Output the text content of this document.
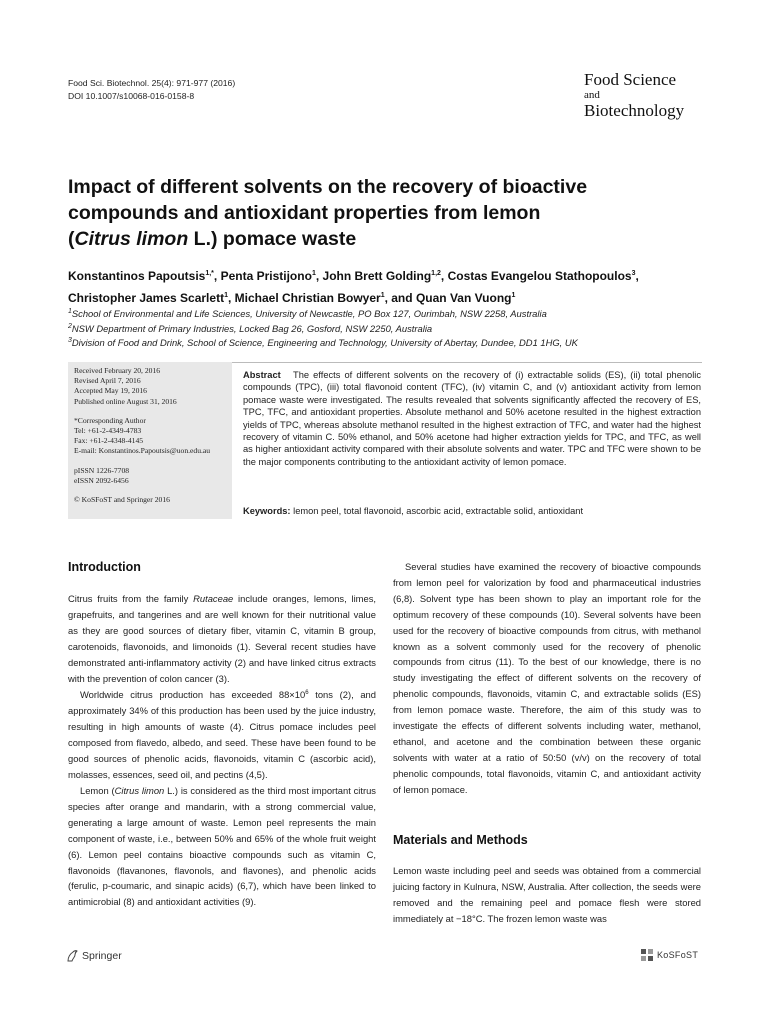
Food Sci. Biotechnol. 25(4): 971-977 (2016)
DOI 10.1007/s10068-016-0158-8
Food Science
and
Biotechnology
Impact of different solvents on the recovery of bioactive
compounds and antioxidant properties from lemon
(Citrus limon L.) pomace waste
Konstantinos Papoutsis$^{1,*}$, Penta Pristijono$^1$, John Brett Golding$^{1,2}$, Costas Evangelou Stathopoulos$^3$,
Christopher James Scarlett$^1$, Michael Christian Bowyer$^1$, and Quan Van Vuong$^1$
$^1$School of Environmental and Life Sciences, University of Newcastle, PO Box 127, Ourimbah, NSW 2258, Australia
$^2$NSW Department of Primary Industries, Locked Bag 26, Gosford, NSW 2250, Australia
$^3$Division of Food and Drink, School of Science, Engineering and Technology, University of Abertay, Dundee, DD1 1HG, UK
Received February 20, 2016
Revised April 7, 2016
Accepted May 19, 2016
Published online August 31, 2016
*Corresponding Author
Tel: +61-2-4349-4783
Fax: +61-2-4348-4145
E-mail: Konstantinos.Papoutsis@uon.edu.au
pISSN 1226-7708
eISSN 2092-6456
© KoSFoST and Springer 2016
Abstract The effects of different solvents on the recovery of (i) extractable solids (ES), (ii) total phenolic compounds (TPC), (iii) total flavonoid content (TFC), (iv) vitamin C, and (v) antioxidant activity from lemon pomace waste were investigated. The results revealed that solvents significantly affected the recovery of ES, TPC, TFC, and antioxidant properties. Absolute methanol and 50% acetone resulted in the highest extraction yields of TPC, whereas absolute methanol resulted in the highest extraction of TFC, and water had the highest recovery of vitamin C. 50% ethanol, and 50% acetone had higher extraction yields for TPC, and TFC, as well as higher antioxidant activity compared with their absolute solvents and water. TPC and TFC were shown to be the major components contributing to the antioxidant activity of lemon pomace.
Keywords: lemon peel, total flavonoid, ascorbic acid, extractable solid, antioxidant
Introduction

Citrus fruits from the family Rutaceae include oranges, lemons, limes, grapefruits, and tangerines and are well known for their nutritional value as they are good sources of dietary fiber, vitamin C, vitamin B group, carotenoids, flavonoids, and limonoids (1). Several recent studies have demonstrated anti-inflammatory activity (2) and have linked citrus extracts with the prevention of colon cancer (3).

Worldwide citrus production has exceeded $88\times 10^6$ tons (2), and approximately 34% of this production has been used by the juice industry, resulting in high amounts of waste (4). Citrus pomace includes peel composed from flavedo, albedo, and seed. These have been found to be good sources of phenolic acids, flavonoids, vitamin C (ascorbic acid), molasses, essences, seed oil, and pectins (4,5).

Lemon (Citrus limon L.) is considered as the third most important citrus species after orange and mandarin, with a strong commercial value, generating a large amount of waste. Lemon peel represents the main component of waste, i.e., between 50% and 65% of the whole fruit weight (6). Lemon peel contains bioactive compounds such as vitamin C, flavonoids (flavanones, flavonols, and flavones), and phenolic acids (ferulic, p-coumaric, and sinapic acids) (6,7), which have been linked to antimicrobial (8) and antioxidant activities (9).

Several studies have examined the recovery of bioactive compounds from lemon peel for valorization by food and pharmaceutical industries (6,8). Solvent type has been shown to play an important role for the optimum recovery of these compounds (10). Several solvents have been used for the recovery of bioactive compounds from citrus, with methanol known as a solvent commonly used for the recovery of phenolic compounds from citrus (11). To the best of our knowledge, there is no study investigating the effect of different solvents on the recovery of phenolic compounds, flavonoids, vitamin C, and extractable solids (ES) from lemon pomace waste. Therefore, the aim of this study was to investigate the effects of different solvents including water, methanol, ethanol, and acetone and the combination between these organic solvents with water at a ratio of 50:50 (v/v) on the recovery of total phenolic compounds, total flavonoids, vitamin C, and antioxidant activity of lemon pomace.

Materials and Methods

Lemon waste including peel and seeds was obtained from a commercial juicing factory in Kulnura, NSW, Australia. After collection, the seeds were removed and the remaining peel and pomace flesh were stored immediately at −18°C. The frozen lemon waste was

Springer	KoSFoST
